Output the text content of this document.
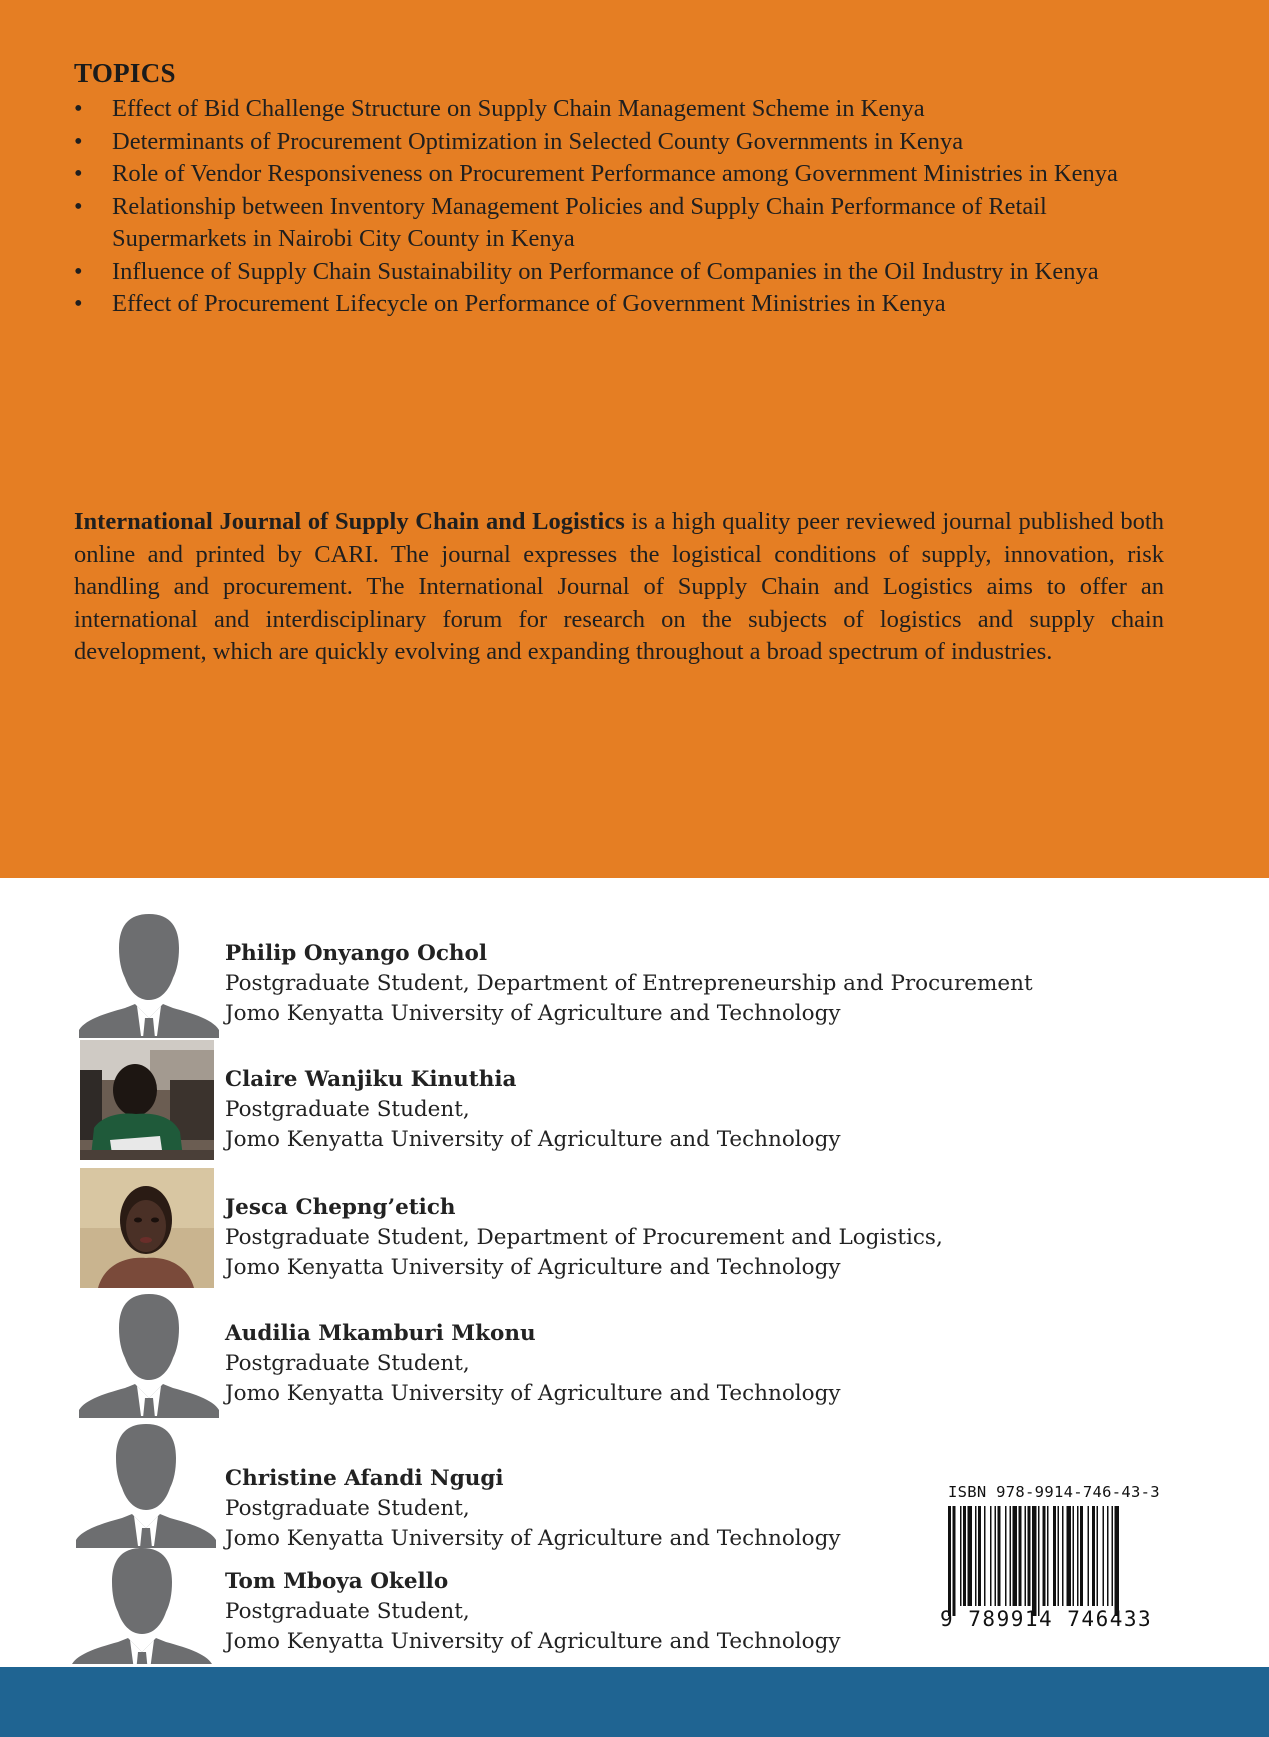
TOPICS
• Effect of Bid Challenge Structure on Supply Chain Management Scheme in Kenya
• Determinants of Procurement Optimization in Selected County Governments in Kenya
• Role of Vendor Responsiveness on Procurement Performance among Government Ministries in Kenya
• Relationship between Inventory Management Policies and Supply Chain Performance of Retail Supermarkets in Nairobi City County in Kenya
• Influence of Supply Chain Sustainability on Performance of Companies in the Oil Industry in Kenya
• Effect of Procurement Lifecycle on Performance of Government Ministries in Kenya

International Journal of Supply Chain and Logistics is a high quality peer reviewed journal published both online and printed by CARI. The journal expresses the logistical conditions of supply, innovation, risk handling and procurement. The International Journal of Supply Chain and Logistics aims to offer an international and interdisciplinary forum for research on the subjects of logistics and supply chain development, which are quickly evolving and expanding throughout a broad spectrum of industries.

Philip Onyango Ochol
Postgraduate Student, Department of Entrepreneurship and Procurement
Jomo Kenyatta University of Agriculture and Technology
Claire Wanjiku Kinuthia
Postgraduate Student,
Jomo Kenyatta University of Agriculture and Technology
Jesca Chepng’etich
Postgraduate Student, Department of Procurement and Logistics,
Jomo Kenyatta University of Agriculture and Technology
Audilia Mkamburi Mkonu
Postgraduate Student,
Jomo Kenyatta University of Agriculture and Technology
Christine Afandi Ngugi
Postgraduate Student,
Jomo Kenyatta University of Agriculture and Technology
Tom Mboya Okello
Postgraduate Student,
Jomo Kenyatta University of Agriculture and Technology
ISBN 978-9914-746-43-3
9 789914 746433
